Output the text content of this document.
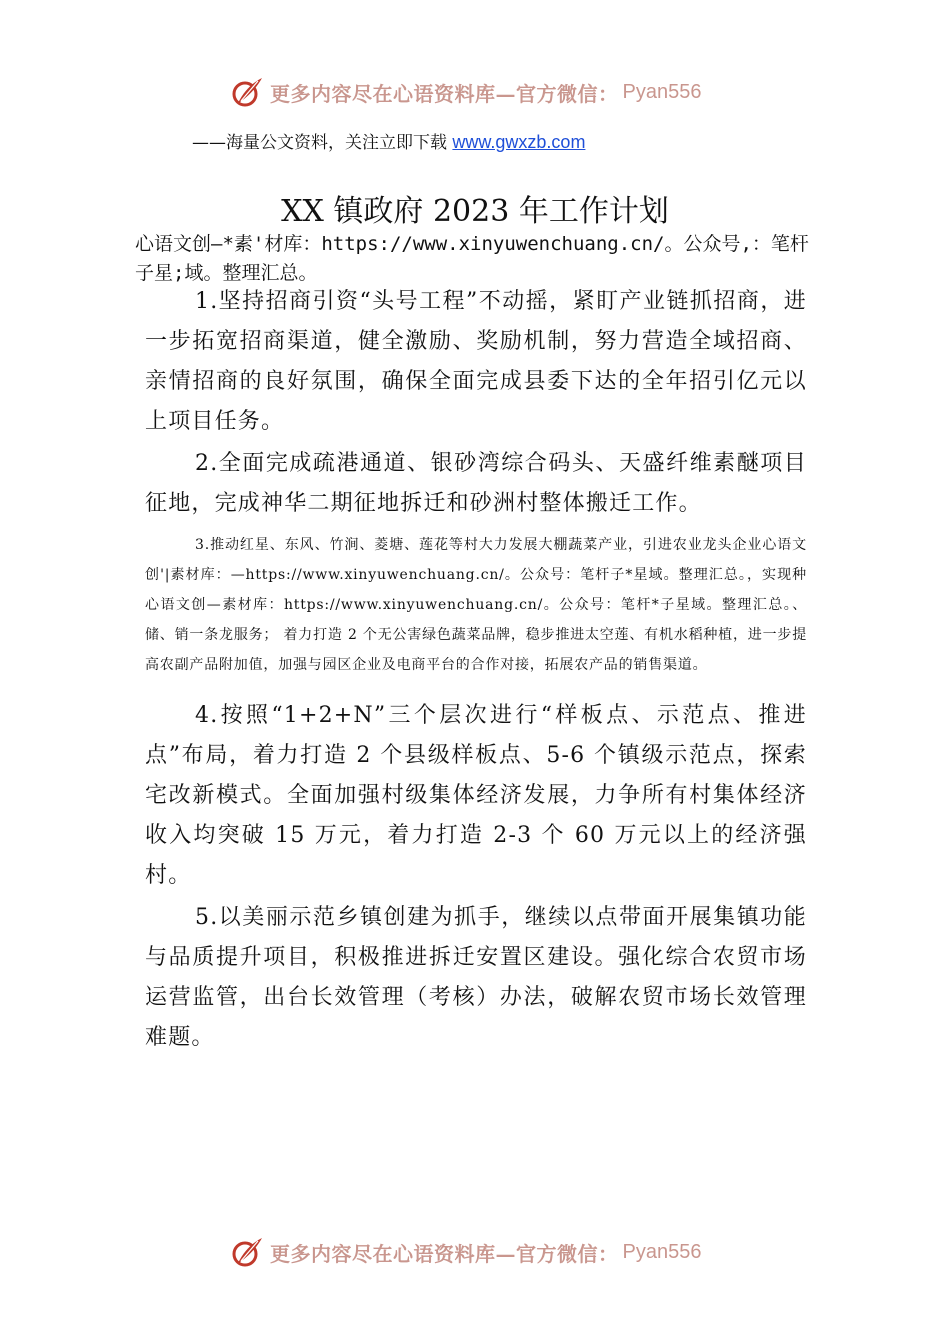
更多内容尽在心语资料库—官方微信： Pyan556
——海量公文资料，关注立即下载 www.gwxzb.com
XX 镇政府 2023 年工作计划
心语文创—*素'材库：https://www.xinyuwenchuang.cn/。公众号,：笔杆子星;域。整理汇总。

1.坚持招商引资“头号工程”不动摇，紧盯产业链抓招商，进一步拓宽招商渠道，健全激励、奖励机制，努力营造全域招商、亲情招商的良好氛围，确保全面完成县委下达的全年招引亿元以上项目任务。

2.全面完成疏港通道、银砂湾综合码头、天盛纤维素醚项目征地，完成神华二期征地拆迁和砂洲村整体搬迁工作。

3.推动红星、东风、竹涧、菱塘、莲花等村大力发展大棚蔬菜产业，引进农业龙头企业心语文创'|素材库：—https://www.xinyuwenchuang.cn/。公众号：笔杆子*星域。整理汇总。，实现种心语文创—素材库：https://www.xinyuwenchuang.cn/。公众号：笔杆*子星域。整理汇总。、储、销一条龙服务； 着力打造 2 个无公害绿色蔬菜品牌，稳步推进太空莲、有机水稻种植，进一步提高农副产品附加值，加强与园区企业及电商平台的合作对接，拓展农产品的销售渠道。

4.按照“1+2+N”三个层次进行“样板点、示范点、推进点”布局，着力打造 2 个县级样板点、5-6 个镇级示范点，探索宅改新模式。全面加强村级集体经济发展，力争所有村集体经济收入均突破 15 万元，着力打造 2-3 个 60 万元以上的经济强村。

5.以美丽示范乡镇创建为抓手，继续以点带面开展集镇功能与品质提升项目，积极推进拆迁安置区建设。强化综合农贸市场运营监管，出台长效管理（考核）办法，破解农贸市场长效管理难题。

更多内容尽在心语资料库—官方微信： Pyan556
